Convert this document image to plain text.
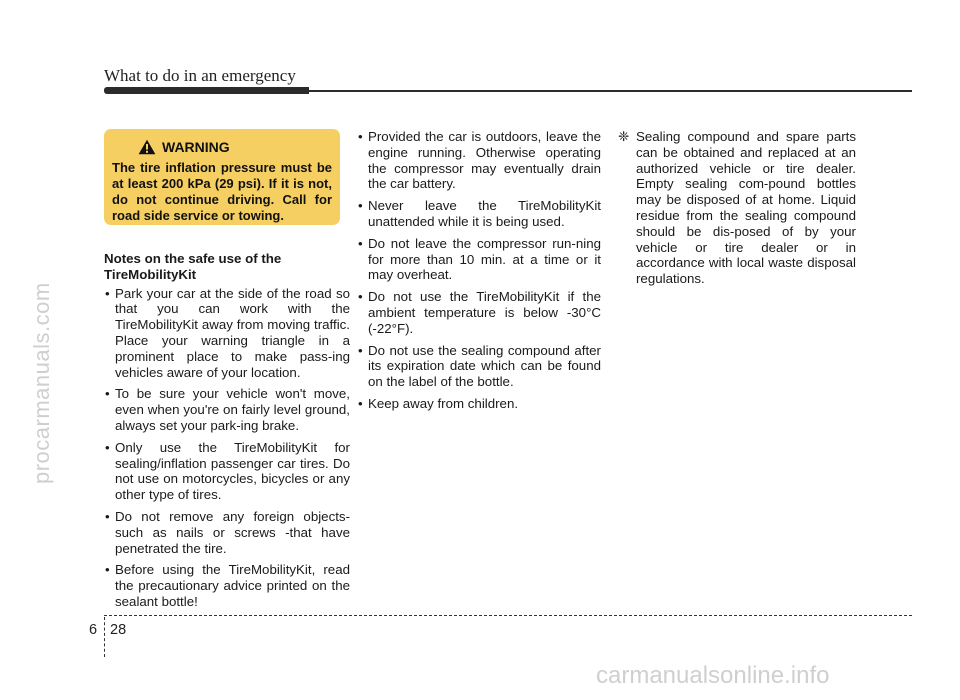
What to do in an emergency
procarmanuals.com
carmanualsonline.info
WARNING
The tire inflation pressure must be at least 200 kPa (29 psi). If it is not, do not continue driving. Call for road side service or towing.
Notes on the safe use of the TireMobilityKit
• Park your car at the side of the road so that you can work with the TireMobilityKit away from moving traffic. Place your warning triangle in a prominent place to make pass-ing vehicles aware of your location.
• To be sure your vehicle won't move, even when you're on fairly level ground, always set your park-ing brake.
• Only use the TireMobilityKit for sealing/inflation passenger car tires. Do not use on motorcycles, bicycles or any other type of tires.
• Do not remove any foreign objects- such as nails or screws -that have penetrated the tire.
• Before using the TireMobilityKit, read the precautionary advice printed on the sealant bottle!
• Provided the car is outdoors, leave the engine running. Otherwise operating the compressor may eventually drain the car battery.
• Never leave the TireMobilityKit unattended while it is being used.
• Do not leave the compressor run-ning for more than 10 min. at a time or it may overheat.
• Do not use the TireMobilityKit if the ambient temperature is below -30°C (-22°F).
• Do not use the sealing compound after its expiration date which can be found on the label of the bottle.
• Keep away from children.
❈ Sealing compound and spare parts can be obtained and replaced at an authorized vehicle or tire dealer. Empty sealing com-pound bottles may be disposed of at home. Liquid residue from the sealing compound should be dis-posed of by your vehicle or tire dealer or in accordance with local waste disposal regulations.
6 28
